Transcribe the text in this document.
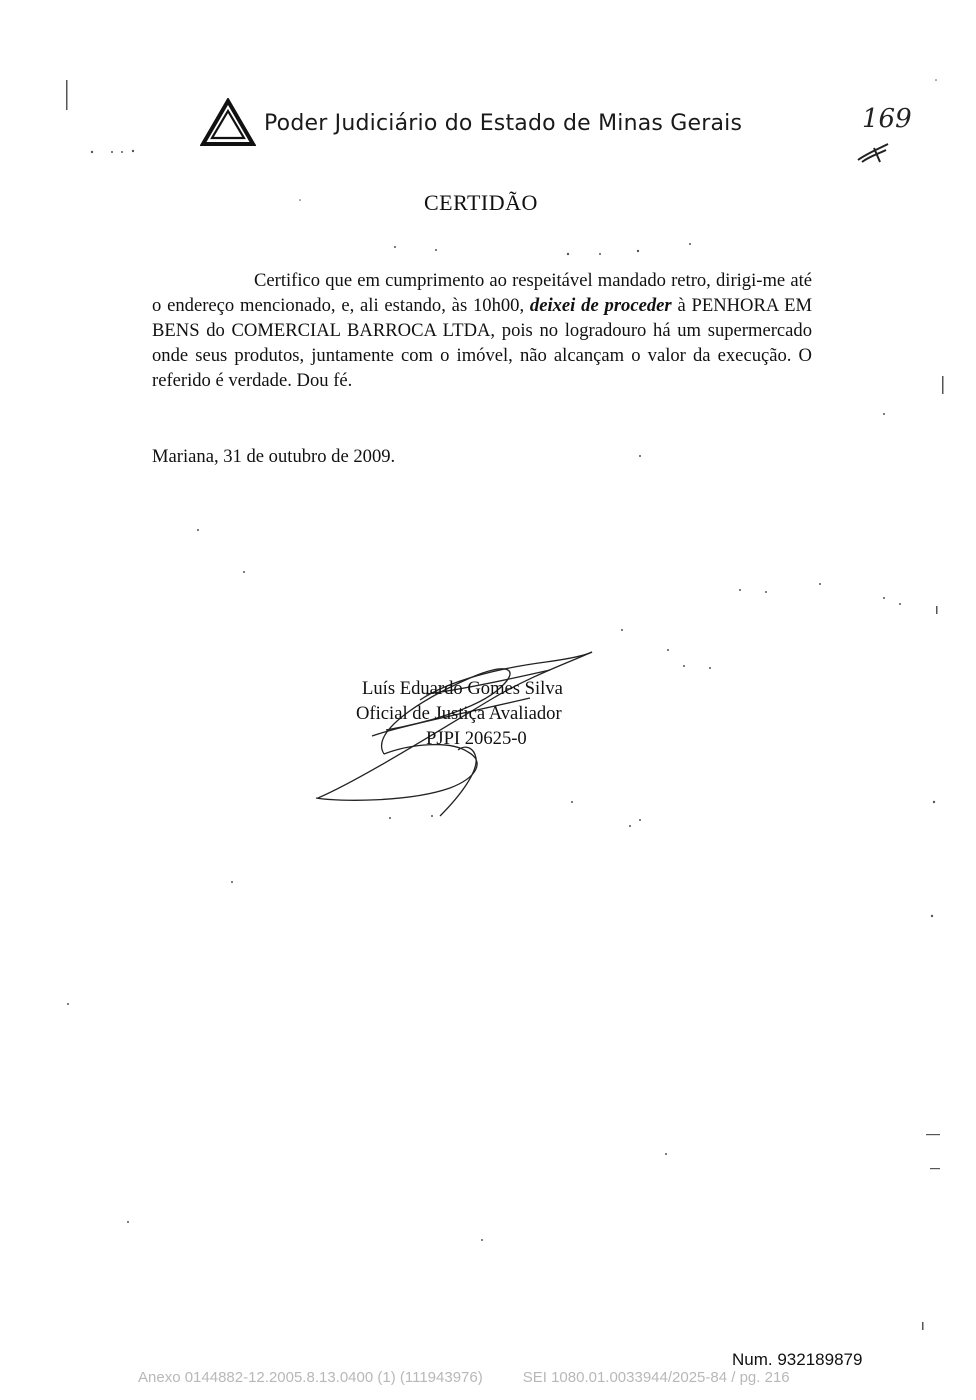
Poder Judiciário do Estado de Minas Gerais	169
CERTIDÃO

Certifico que em cumprimento ao respeitável mandado retro, dirigi-me até o endereço mencionado, e, ali estando, às 10h00, deixei de proceder à PENHORA EM BENS do COMERCIAL BARROCA LTDA, pois no logradouro há um supermercado onde seus produtos, juntamente com o imóvel, não alcançam o valor da execução. O referido é verdade. Dou fé.

Mariana, 31 de outubro de 2009.
Luís Eduardo Gomes Silva
Oficial de Justiça Avaliador
PJPI 20625-0
Num. 932189879
Anexo 0144882-12.2005.8.13.0400 (1) (111943976)	SEI 1080.01.0033944/2025-84 / pg. 216
